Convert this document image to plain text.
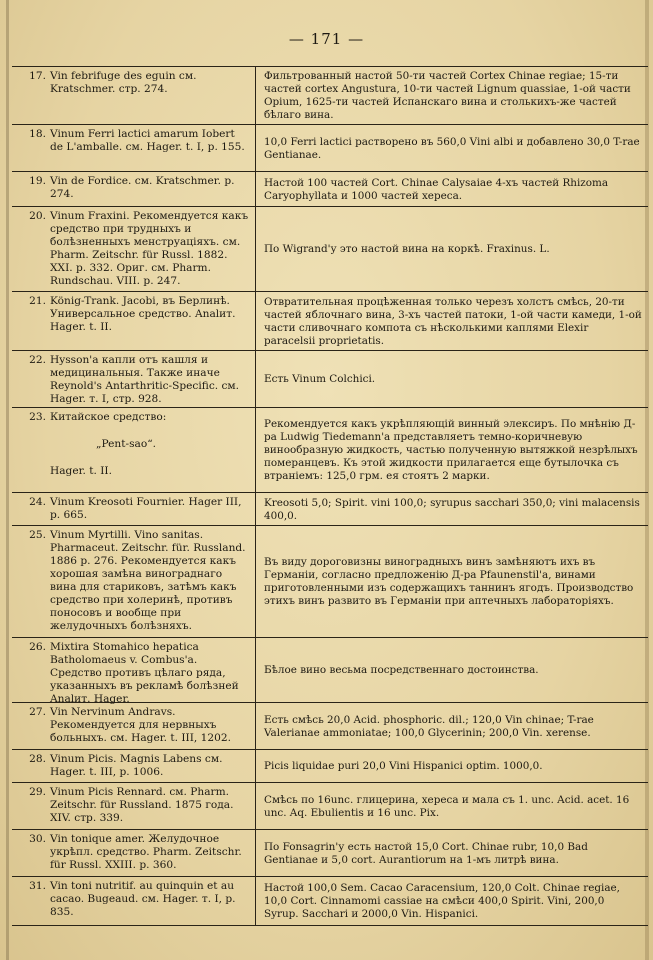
— 171 —
17. Vin febrifuge des eguin см. Kratschmer. стр. 274.
Фильтрованный настой 50-ти частей Cortex Chinae regiae; 15-ти частей cortex Angustura, 10-ти частей Lignum quassiae, 1-ой части Opium, 1625-ти частей Испанскаго вина и столькихъ-же частей бѣлаго вина.
18. Vinum Ferri lactici amarum Iobert de L'amballe. см. Hager. t. I, p. 155.	10,0 Ferri lactici растворено въ 560,0 Vini albi и добавлено 30,0 T-rae Gentianae.
19. Vin de Fordice. см. Kratschmer. p. 274.
Настой 100 частей Cort. Chinae Calysaiae 4-хъ частей Rhizoma Caryophyllata и 1000 частей хереса.
20. Vinum Fraxini. Рекомендуется какъ средство при трудныхъ и болѣзненныхъ менструаціяхъ. см. Pharm. Zeitschr. für Russl. 1882. XXI. p. 332. Ориг. см. Pharm. Rundschau. VIII. p. 247.
По Wigrand'у это настой вина на коркѣ. Fraxinus. L.
21. König-Trank. Jacobi, въ Берлинѣ. Универсальное средство. Analит. Hager. t. II.
Отвратительная процѣженная только черезъ холстъ смѣсь, 20-ти частей яблочнаго вина, 3-хъ частей патоки, 1-ой части камеди, 1-ой части сливочнаго компота съ нѣсколькими каплями Elexir paracelsii proprietatis.
22. Hysson'а капли отъ кашля и медицинальныя. Также иначе Reynold's Antarthritic-Specific. см. Hager. т. I, стр. 928.
Есть Vinum Colchici.
23. Китайское средство:
„Pent-sao“.
Hager. t. II.
Рекомендуется какъ укрѣпляющій винный элексиръ. По мнѣнію Д-ра Ludwig Tiedemann'а представляетъ темно-коричневую винообразную жидкость, частью полученную вытяжкой незрѣлыхъ померанцевъ. Къ этой жидкости прилагается еще бутылочка съ втраніемъ: 125,0 грм. ея стоятъ 2 марки.
24. Vinum Kreosoti Fournier. Hager III, p. 665.
Kreosoti 5,0; Spirit. vini 100,0; syrupus sacchari 350,0; vini malacensis 400,0.
25. Vinum Myrtilli. Vino sanitas. Pharmaceut. Zeitschr. für. Russland. 1886 p. 276. Рекомендуется какъ хорошая замѣна винограднаго вина для стариковъ, затѣмъ какъ средство при холеринѣ, противъ поносовъ и вообще при желудочныхъ болѣзняхъ.
Въ виду дороговизны виноградныхъ винъ замѣняютъ ихъ въ Германіи, согласно предложенію Д-ра Pfaunenstil'а, винами приготовленными изъ содержащихъ таннинъ ягодъ. Производство этихъ винъ развито въ Германіи при аптечныхъ лабораторіяхъ.
26. Mixtira Stomahico hepatica Batholomaeus v. Combus'а. Средство противъ цѣлаго ряда, указанныхъ въ рекламѣ болѣзней Analит. Hager.
Бѣлое вино весьма посредственнаго достоинства.
27. Vin Nervinum Andravs. Рекомендуется для нервныхъ больныхъ. см. Hager. t. III, 1202.
Есть смѣсь 20,0 Acid. phosphoric. dil.; 120,0 Vin chinae; T-rae Valerianae ammoniatae; 100,0 Glycerinin; 200,0 Vin. xerense.
28. Vinum Picis. Magnis Labens см. Hager. t. III, p. 1006.	Picis liquidae puri 20,0 Vini Hispanici optim. 1000,0.
29. Vinum Picis Rennard. см. Pharm. Zeitschr. für Russland. 1875 года. XIV. стр. 339.
Смѣсь по 16unc. глицерина, хереса и мала съ 1. unc. Acid. acet. 16 unc. Aq. Ebulientis и 16 unc. Pix.
30. Vin tonique amer. Желудочное укрѣпл. средство. Pharm. Zeitschr. für Russl. XXIII. p. 360.
По Fonsagrin'у есть настой 15,0 Cort. Chinae rubr, 10,0 Bad Gentianae и 5,0 cort. Aurantiorum на 1-мъ литрѣ вина.
31. Vin toni nutritif. au quinquin et au cacao. Bugeaud. см. Hager. т. I, р. 835.
Настой 100,0 Sem. Cacao Caracensium, 120,0 Colt. Chinae regiae, 10,0 Cort. Cinnamomi cassiae на смѣси 400,0 Spirit. Vini, 200,0 Syrup. Sacchari и 2000,0 Vin. Hispanici.
